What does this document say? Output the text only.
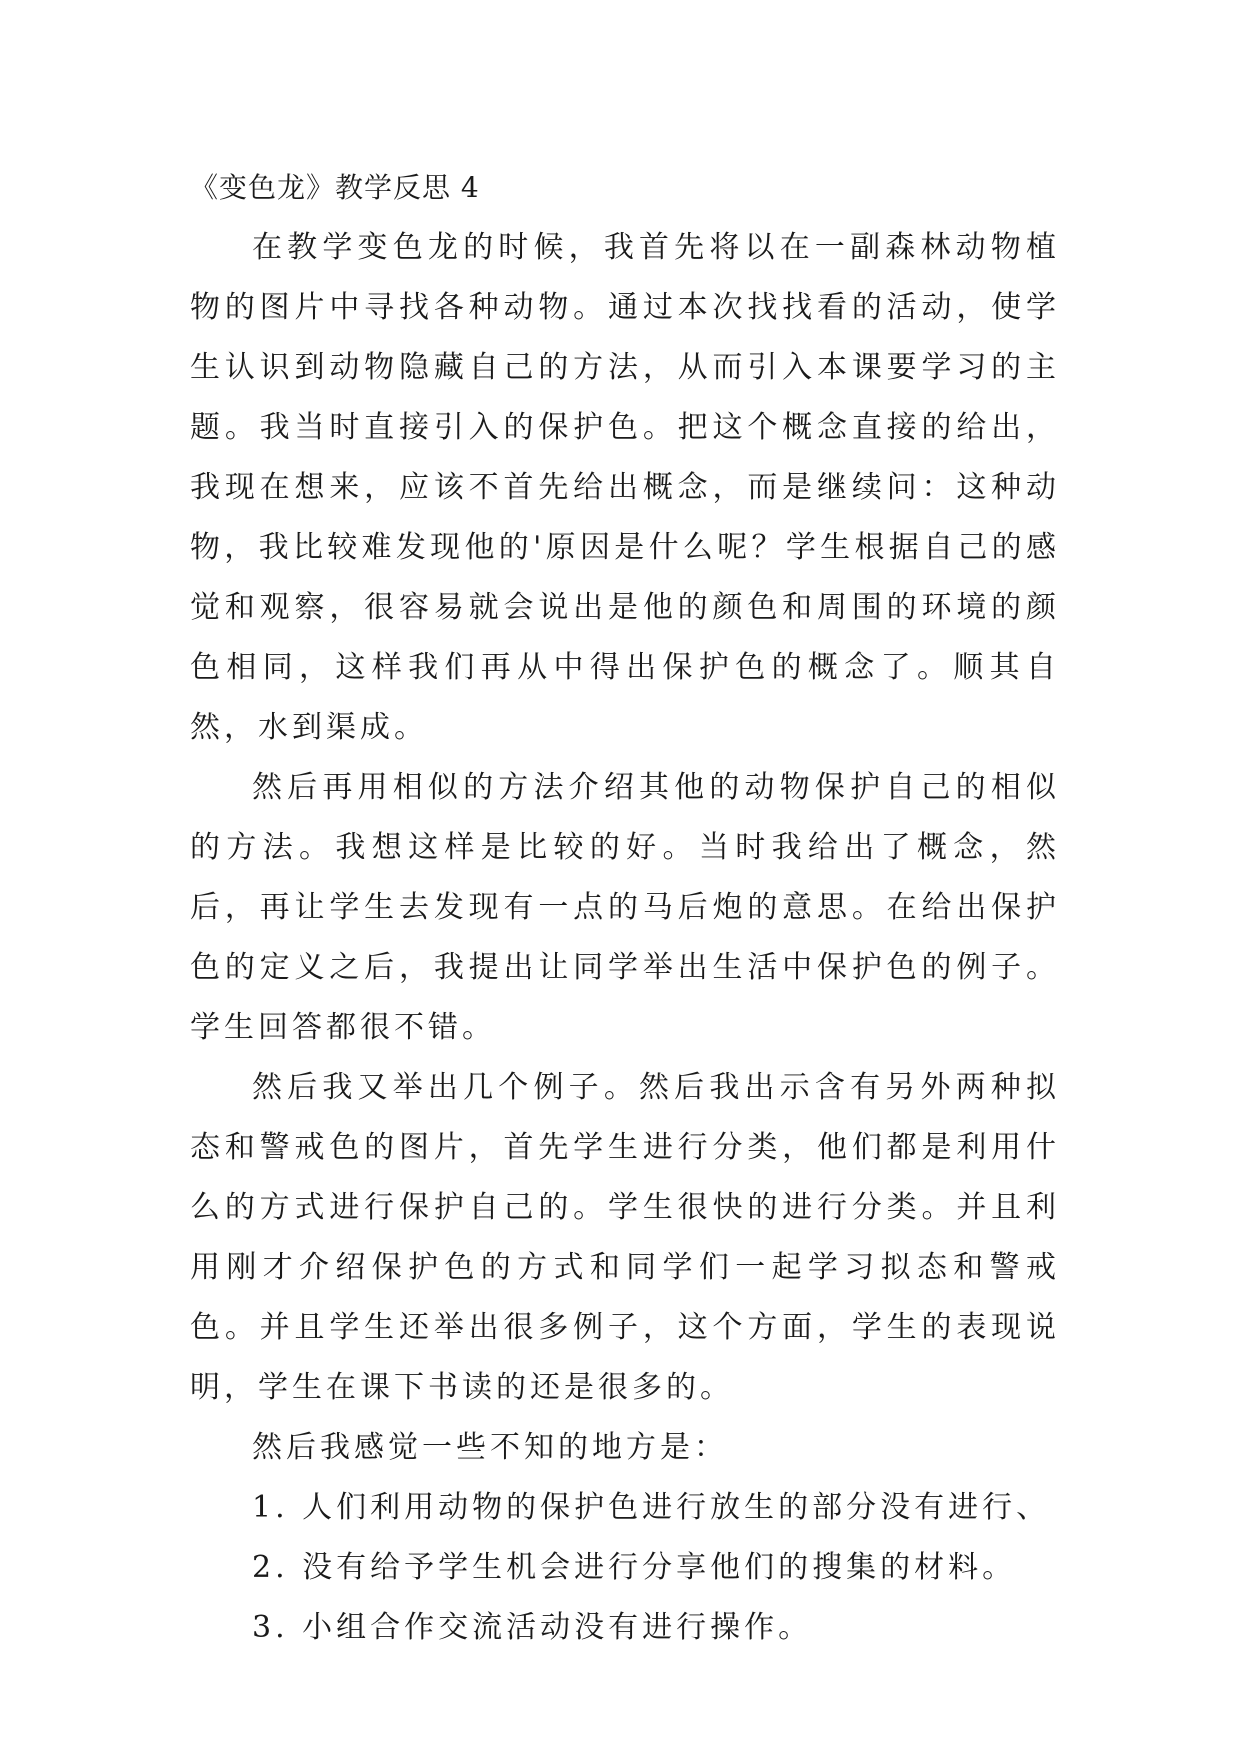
《变色龙》教学反思 4

在教学变色龙的时候，我首先将以在一副森林动物植物的图片中寻找各种动物。通过本次找找看的活动，使学生认识到动物隐藏自己的方法，从而引入本课要学习的主题。我当时直接引入的保护色。把这个概念直接的给出，我现在想来，应该不首先给出概念，而是继续问：这种动物，我比较难发现他的'原因是什么呢？学生根据自己的感觉和观察，很容易就会说出是他的颜色和周围的环境的颜色相同，这样我们再从中得出保护色的概念了。顺其自然，水到渠成。

然后再用相似的方法介绍其他的动物保护自己的相似的方法。我想这样是比较的好。当时我给出了概念，然后，再让学生去发现有一点的马后炮的意思。在给出保护色的定义之后，我提出让同学举出生活中保护色的例子。学生回答都很不错。

然后我又举出几个例子。然后我出示含有另外两种拟态和警戒色的图片，首先学生进行分类，他们都是利用什么的方式进行保护自己的。学生很快的进行分类。并且利用刚才介绍保护色的方式和同学们一起学习拟态和警戒色。并且学生还举出很多例子，这个方面，学生的表现说明，学生在课下书读的还是很多的。

然后我感觉一些不知的地方是：

1. 人们利用动物的保护色进行放生的部分没有进行、

2. 没有给予学生机会进行分享他们的搜集的材料。

3. 小组合作交流活动没有进行操作。
